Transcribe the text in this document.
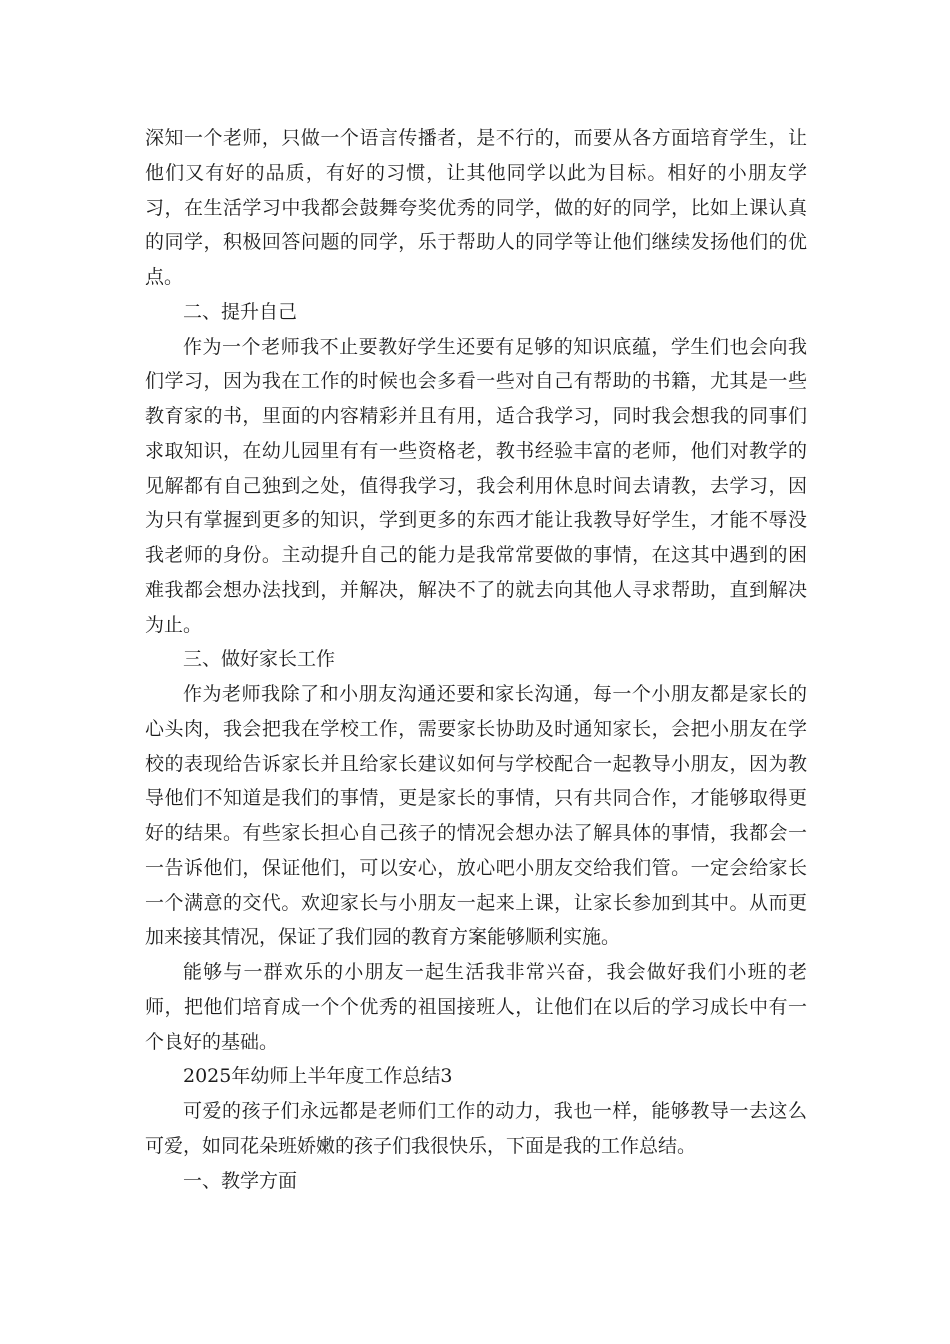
深知一个老师，只做一个语言传播者，是不行的，而要从各方面培育学生，让他们又有好的品质，有好的习惯，让其他同学以此为目标。相好的小朋友学习，在生活学习中我都会鼓舞夸奖优秀的同学，做的好的同学，比如上课认真的同学，积极回答问题的同学，乐于帮助人的同学等让他们继续发扬他们的优点。

二、提升自己

作为一个老师我不止要教好学生还要有足够的知识底蕴，学生们也会向我们学习，因为我在工作的时候也会多看一些对自己有帮助的书籍，尤其是一些教育家的书，里面的内容精彩并且有用，适合我学习，同时我会想我的同事们求取知识，在幼儿园里有有一些资格老，教书经验丰富的老师，他们对教学的见解都有自己独到之处，值得我学习，我会利用休息时间去请教，去学习，因为只有掌握到更多的知识，学到更多的东西才能让我教导好学生，才能不辱没我老师的身份。主动提升自己的能力是我常常要做的事情，在这其中遇到的困难我都会想办法找到，并解决，解决不了的就去向其他人寻求帮助，直到解决为止。

三、做好家长工作

作为老师我除了和小朋友沟通还要和家长沟通，每一个小朋友都是家长的心头肉，我会把我在学校工作，需要家长协助及时通知家长，会把小朋友在学校的表现给告诉家长并且给家长建议如何与学校配合一起教导小朋友，因为教导他们不知道是我们的事情，更是家长的事情，只有共同合作，才能够取得更好的结果。有些家长担心自己孩子的情况会想办法了解具体的事情，我都会一一告诉他们，保证他们，可以安心，放心吧小朋友交给我们管。一定会给家长一个满意的交代。欢迎家长与小朋友一起来上课，让家长参加到其中。从而更加来接其情况，保证了我们园的教育方案能够顺利实施。

能够与一群欢乐的小朋友一起生活我非常兴奋，我会做好我们小班的老师，把他们培育成一个个优秀的祖国接班人，让他们在以后的学习成长中有一个良好的基础。

2025年幼师上半年度工作总结3

可爱的孩子们永远都是老师们工作的动力，我也一样，能够教导一去这么可爱，如同花朵班娇嫩的孩子们我很快乐，下面是我的工作总结。

一、教学方面
